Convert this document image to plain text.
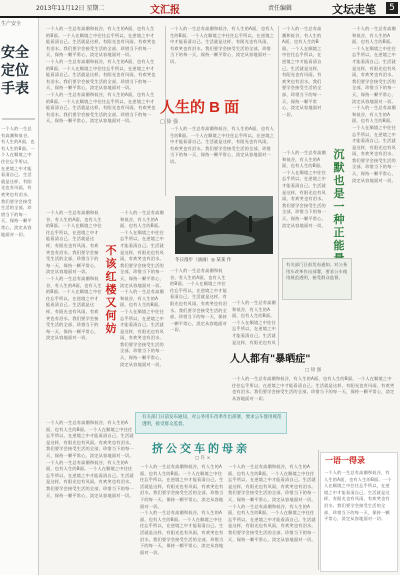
2013年11月12日 星期二	文汇报	责任编辑	文坛走笔	5
生产安全
安全定位手表
一个人的一生总有高潮和低谷，有人生的A面，也有人生的B面。一个人在顺境之中往往忘乎所以，在逆境之中才能看清自己。生活就是这样，有阳光也有风雨，有欢笑也有泪水。我们要学会接受生活的全部，珍惜当下的每一天，保持一颗平常心，淡定从容地面对一切。
一个人的一生总有高潮和低谷，有人生的A面，也有人生的B面。一个人在顺境之中往往忘乎所以，在逆境之中才能看清自己。生活就是这样，有阳光也有风雨，有欢笑也有泪水。我们要学会接受生活的全部，珍惜当下的每一天，保持一颗平常心，淡定从容地面对一切。
一个人的一生总有高潮和低谷，有人生的A面，也有人生的B面。一个人在顺境之中往往忘乎所以，在逆境之中才能看清自己。生活就是这样，有阳光也有风雨，有欢笑也有泪水。我们要学会接受生活的全部，珍惜当下的每一天，保持一颗平常心，淡定从容地面对一切。
一个人的一生总有高潮和低谷，有人生的A面，也有人生的B面。一个人在顺境之中往往忘乎所以，在逆境之中才能看清自己。生活就是这样，有阳光也有风雨，有欢笑也有泪水。我们要学会接受生活的全部，珍惜当下的每一天，保持一颗平常心，淡定从容地面对一切。
一个人的一生总有高潮和低谷，有人生的A面，也有人生的B面。一个人在顺境之中往往忘乎所以，在逆境之中才能看清自己。生活就是这样，有阳光也有风雨，有欢笑也有泪水。我们要学会接受生活的全部，珍惜当下的每一天，保持一颗平常心，淡定从容地面对一切。
一个人的一生总有高潮和低谷，有人生的A面，也有人生的B面。一个人在顺境之中往往忘乎所以，在逆境之中才能看清自己。生活就是这样，有阳光也有风雨，有欢笑也有泪水。我们要学会接受生活的全部，珍惜当下的每一天，保持一颗平常心，淡定从容地面对一切。
一个人的一生总有高潮和低谷，有人生的A面，也有人生的B面。一个人在顺境之中往往忘乎所以，在逆境之中才能看清自己。生活就是这样，有阳光也有风雨，有欢笑也有泪水。我们要学会接受生活的全部，珍惜当下的每一天，保持一颗平常心，淡定从容地面对一切。
一个人的一生总有高潮和低谷，有人生的A面，也有人生的B面。一个人在顺境之中往往忘乎所以，在逆境之中才能看清自己。生活就是这样，有阳光也有风雨，有欢笑也有泪水。我们要学会接受生活的全部，珍惜当下的每一天，保持一颗平常心，淡定从容地面对一切。
不该红楼又何妨
一个人的一生总有高潮和低谷，有人生的A面，也有人生的B面。一个人在顺境之中往往忘乎所以，在逆境之中才能看清自己。生活就是这样，有阳光也有风雨，有欢笑也有泪水。我们要学会接受生活的全部，珍惜当下的每一天，保持一颗平常心，淡定从容地面对一切。
一个人的一生总有高潮和低谷，有人生的A面，也有人生的B面。一个人在顺境之中往往忘乎所以，在逆境之中才能看清自己。生活就是这样，有阳光也有风雨，有欢笑也有泪水。我们要学会接受生活的全部，珍惜当下的每一天，保持一颗平常心，淡定从容地面对一切。
一个人的一生总有高潮和低谷，有人生的A面，也有人生的B面。一个人在顺境之中往往忘乎所以，在逆境之中才能看清自己。生活就是这样，有阳光也有风雨，有欢笑也有泪水。我们要学会接受生活的全部，珍惜当下的每一天，保持一颗平常心，淡定从容地面对一切。
人生的 B 面
□ 徐 强
一个人的一生总有高潮和低谷，有人生的A面，也有人生的B面。一个人在顺境之中往往忘乎所以，在逆境之中才能看清自己。生活就是这样，有阳光也有风雨，有欢笑也有泪水。我们要学会接受生活的全部，珍惜当下的每一天，保持一颗平常心，淡定从容地面对一切。
冬日漫步（油画）◎ 某某 作
一个人的一生总有高潮和低谷，有人生的A面，也有人生的B面。一个人在顺境之中往往忘乎所以，在逆境之中才能看清自己。生活就是这样，有阳光也有风雨，有欢笑也有泪水。我们要学会接受生活的全部，珍惜当下的每一天，保持一颗平常心，淡定从容地面对一切。
一个人的一生总有高潮和低谷，有人生的A面，也有人生的B面。一个人在顺境之中往往忘乎所以，在逆境之中才能看清自己。生活就是这样，有阳光也有风雨，有欢笑也有泪水。我们要学会接受生活的全部，珍惜当下的每一天，保持一颗平常心，淡定从容地面对一切。
一个人的一生总有高潮和低谷，有人生的A面，也有人生的B面。一个人在顺境之中往往忘乎所以，在逆境之中才能看清自己。生活就是这样，有阳光也有风雨，有欢笑也有泪水。我们要学会接受生活的全部，珍惜当下的每一天，保持一颗平常心，淡定从容地面对一切。
沉默也是一种正能
一个人的一生总有高潮和低谷，有人生的A面，也有人生的B面。一个人在顺境之中往往忘乎所以，在逆境之中才能看清自己。生活就是这样，有阳光也有风雨，有欢笑也有泪水。我们要学会接受生活的全部，珍惜当下的每一天，保持一颗平常心，淡定从容地面对一切。
有关部门日前发布通知，对公务用车改革作出部署，要求公车使用规范透明，接受群众监督。
一个人的一生总有高潮和低谷，有人生的A面，也有人生的B面。一个人在顺境之中往往忘乎所以，在逆境之中才能看清自己。生活就是这样，有阳光也有风雨，有欢笑也有泪水。我们要学会接受生活的全部，珍惜当下的每一天，保持一颗平常心，淡定从容地面对一切。
一个人的一生总有高潮和低谷，有人生的A面，也有人生的B面。一个人在顺境之中往往忘乎所以，在逆境之中才能看清自己。生活就是这样，有阳光也有风
人人都有"暴晒症"
□ 徐 强
一个人的一生总有高潮和低谷，有人生的A面，也有人生的B面。一个人在顺境之中往往忘乎所以，在逆境之中才能看清自己。生活就是这样，有阳光也有风雨，有欢笑也有泪水。我们要学会接受生活的全部，珍惜当下的每一天，保持一颗平常心，淡定从容地面对一切。
有关部门日前发布通知，对公务用车改革作出部署，要求公车使用规范透明，接受群众监督。
挤公交车的母亲
□ 许 ×
一个人的一生总有高潮和低谷，有人生的A面，也有人生的B面。一个人在顺境之中往往忘乎所以，在逆境之中才能看清自己。生活就是这样，有阳光也有风雨，有欢笑也有泪水。我们要学会接受生活的全部，珍惜当下的每一天，保持一颗平常心，淡定从容地面对一切。
一个人的一生总有高潮和低谷，有人生的A面，也有人生的B面。一个人在顺境之中往往忘乎所以，在逆境之中才能看清自己。生活就是这样，有阳光也有风雨，有欢笑也有泪水。我们要学会接受生活的全部，珍惜当下的每一天，保持一颗平常心，淡定从容地面对一切。
一个人的一生总有高潮和低谷，有人生的A面，也有人生的B面。一个人在顺境之中往往忘乎所以，在逆境之中才能看清自己。生活就是这样，有阳光也有风雨，有欢笑也有泪水。我们要学会接受生活的全部，珍惜当下的每一天，保持一颗平常心，淡定从容地面对一切。
一个人的一生总有高潮和低谷，有人生的A面，也有人生的B面。一个人在顺境之中往往忘乎所以，在逆境之中才能看清自己。生活就是这样，有阳光也有风雨，有欢笑也有泪水。我们要学会接受生活的全部，珍惜当下的每一天，保持一颗平常心，淡定从容地面对一切。
一语一得录
一个人的一生总有高潮和低谷，有人生的A面，也有人生的B面。一个人在顺境之中往往忘乎所以，在逆境之中才能看清自己。生活就是这样，有阳光也有风雨，有欢笑也有泪水。我们要学会接受生活的全部，珍惜当下的每一天，保持一颗平常心，淡定从容地面对一切。
